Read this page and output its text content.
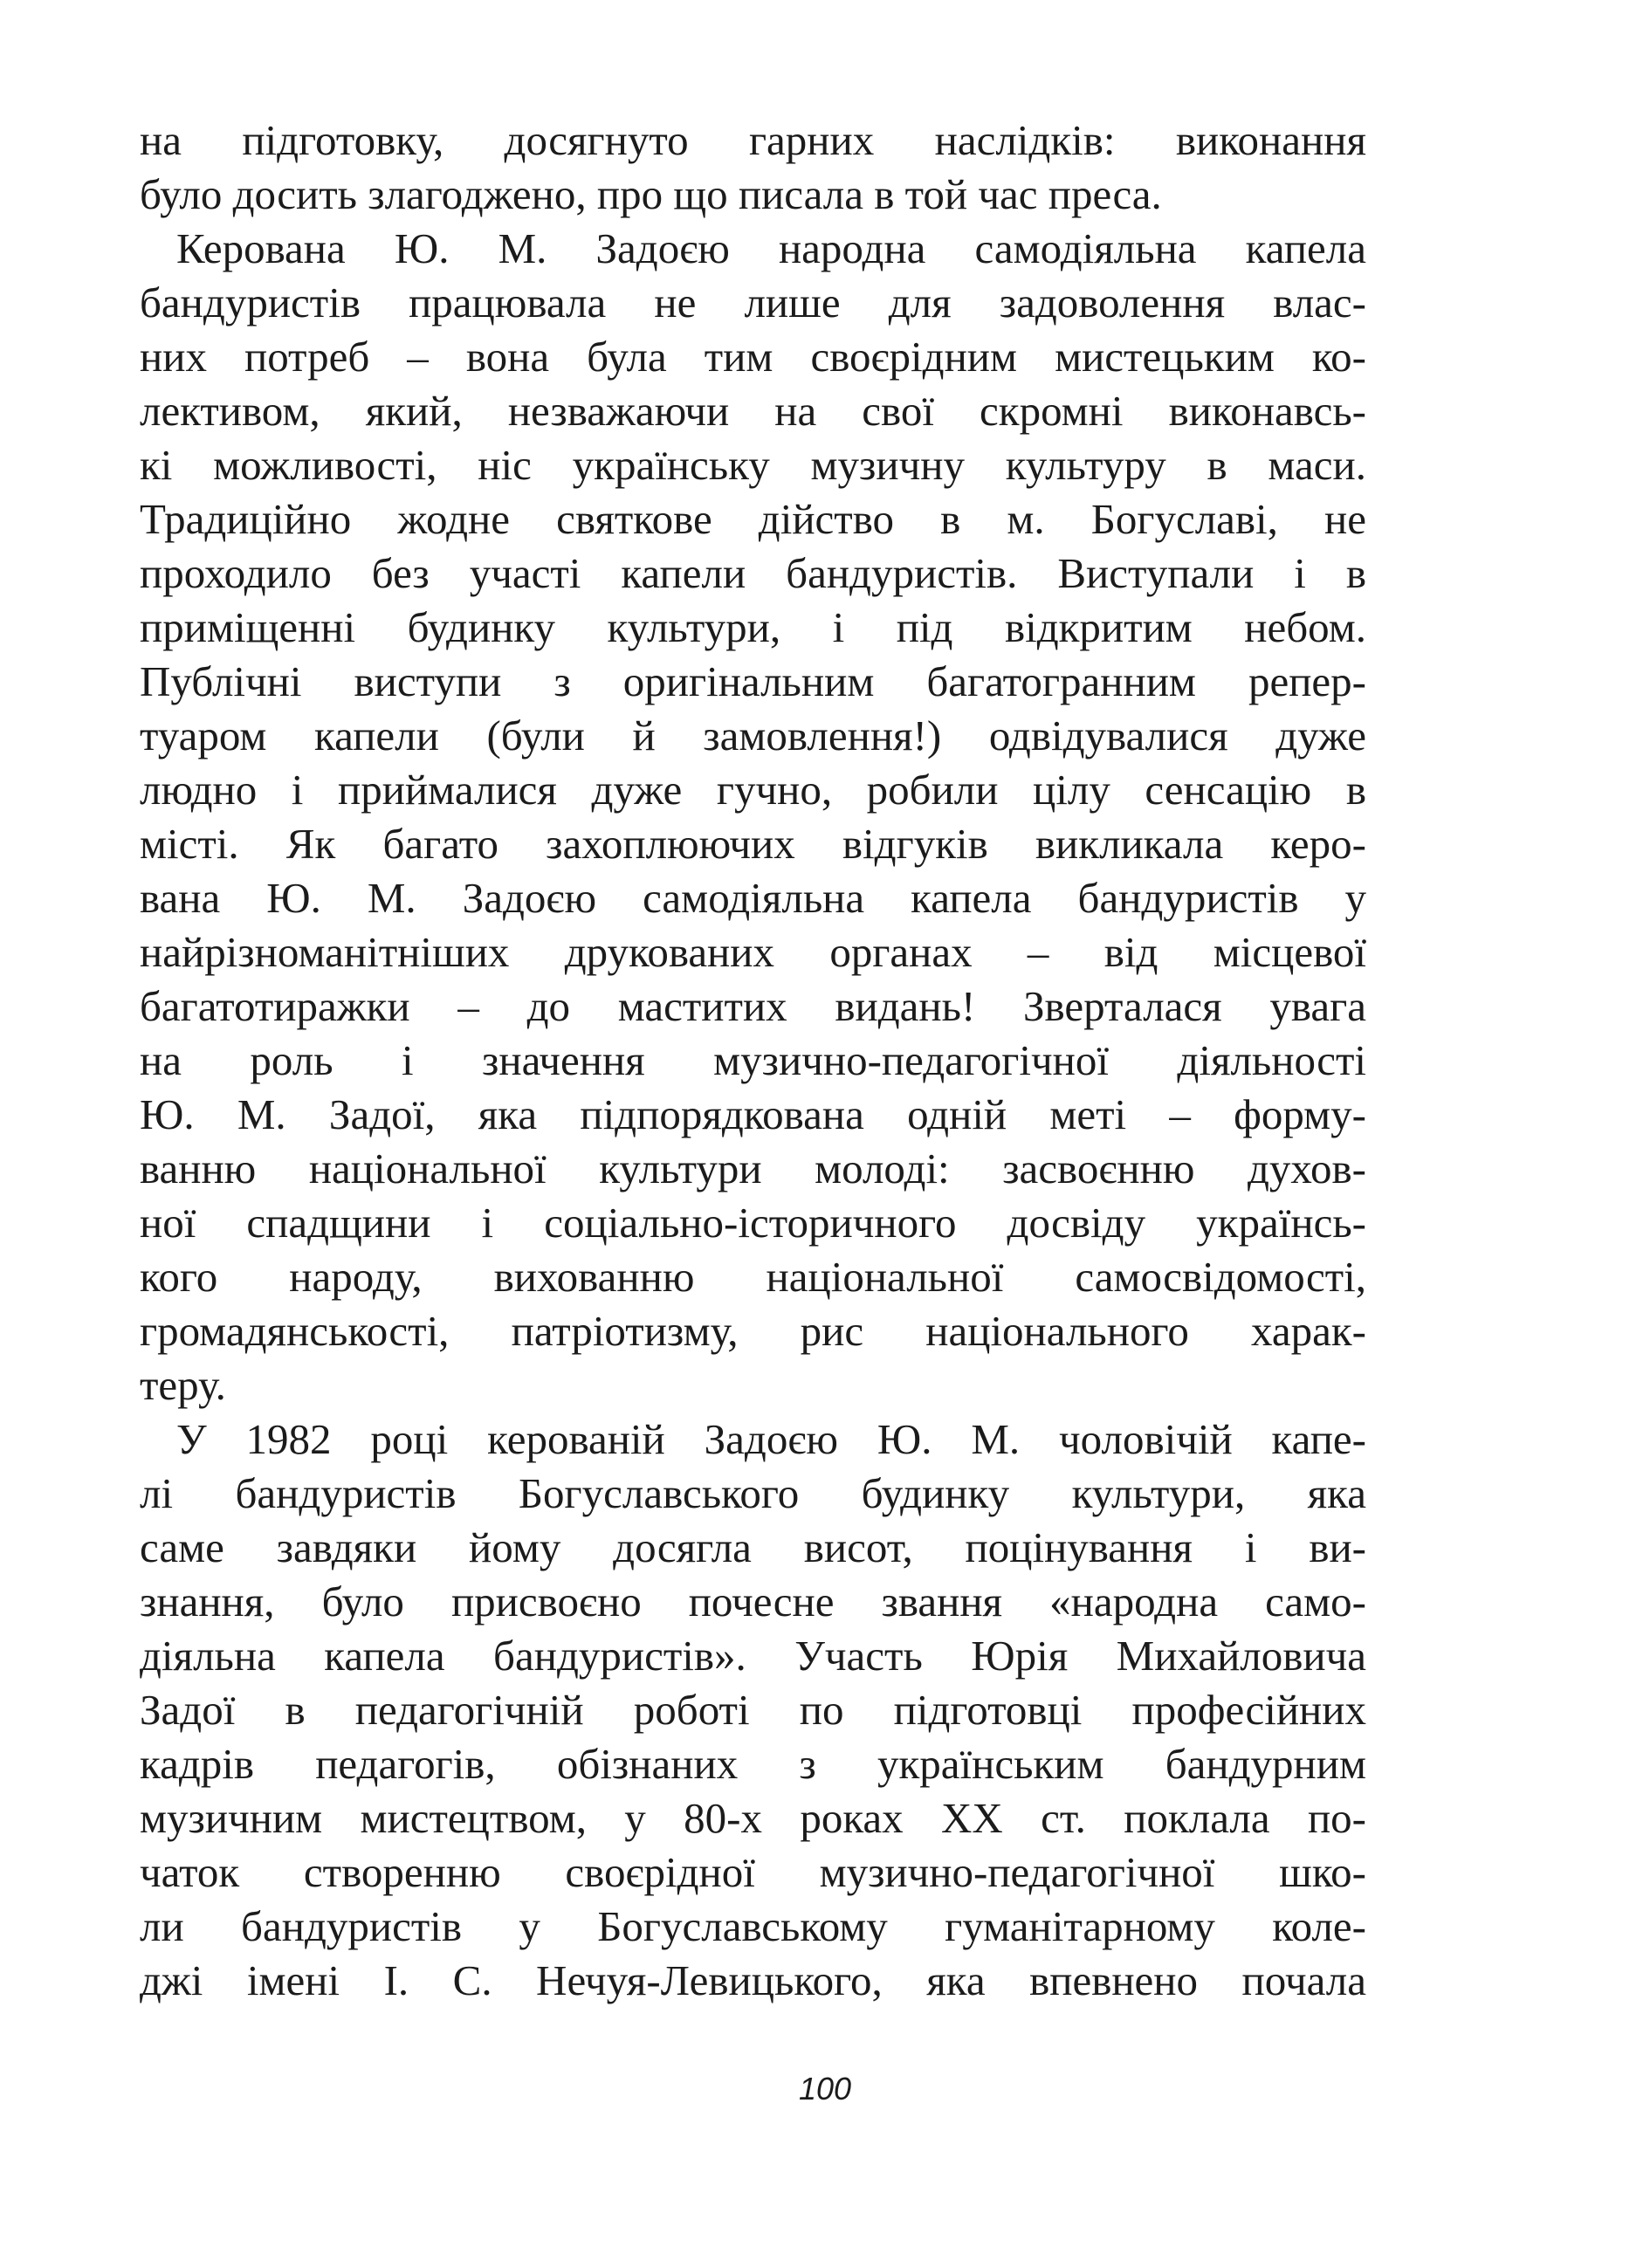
на підготовку, досягнуто гарних наслідків: виконання
було досить злагоджено, про що писала в той час преса.
Керована Ю. М. Задоєю народна самодіяльна капела
бандуристів працювала не лише для задоволення влас-
них потреб – вона була тим своєрідним мистецьким ко-
лективом, який, незважаючи на свої скромні виконавсь-
кі можливості, ніс українську музичну культуру в маси.
Традиційно жодне святкове дійство в м. Богуславі, не
проходило без участі капели бандуристів. Виступали і в
приміщенні будинку культури, і під відкритим небом.
Публічні виступи з оригінальним багатогранним репер-
туаром капели (були й замовлення!) одвідувалися дуже
людно і приймалися дуже гучно, робили цілу сенсацію в
місті. Як багато захоплюючих відгуків викликала керо-
вана Ю. М. Задоєю самодіяльна капела бандуристів у
найрізноманітніших друкованих органах – від місцевої
багатотиражки – до маститих видань! Зверталася увага
на роль і значення музично-педагогічної діяльності
Ю. М. Задої, яка підпорядкована одній меті – форму-
ванню національної культури молоді: засвоєнню духов-
ної спадщини і соціально-історичного досвіду українсь-
кого народу, вихованню національної самосвідомості,
громадянськості, патріотизму, рис національного харак-
теру.
У 1982 році керованій Задоєю Ю. М. чоловічій капе-
лі бандуристів Богуславського будинку культури, яка
саме завдяки йому досягла висот, поцінування і ви-
знання, було присвоєно почесне звання «народна само-
діяльна капела бандуристів». Участь Юрія Михайловича
Задої в педагогічній роботі по підготовці професійних
кадрів педагогів, обізнаних з українським бандурним
музичним мистецтвом, у 80-х роках XX ст. поклала по-
чаток створенню своєрідної музично-педагогічної шко-
ли бандуристів у Богуславському гуманітарному коле-
джі імені І. С. Нечуя-Левицького, яка впевнено почала
100
